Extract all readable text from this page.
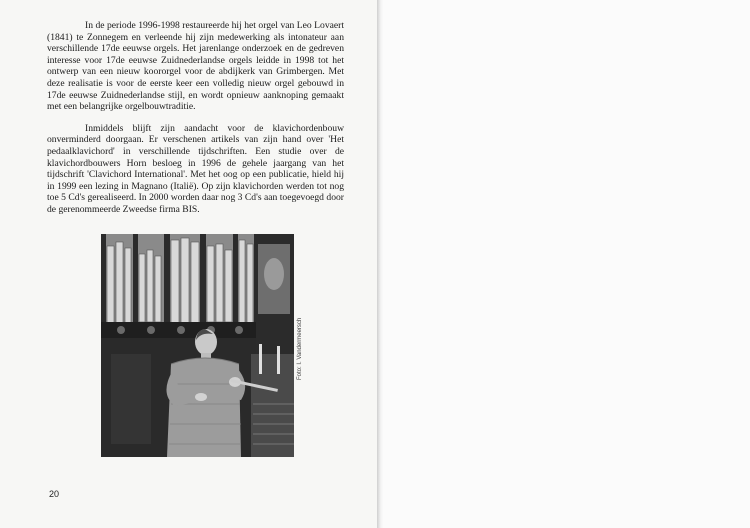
In de periode 1996-1998 restaureerde hij het orgel van Leo Lovaert (1841) te Zonnegem en verleende hij zijn medewerking als intonateur aan verschillende 17de eeuwse orgels. Het jarenlange onderzoek en de gedreven interesse voor 17de eeuwse Zuidnederlandse orgels leidde in 1998 tot het ontwerp van een nieuw koororgel voor de abdijkerk van Grimbergen. Met deze realisatie is voor de eerste keer een volledig nieuw orgel gebouwd in 17de eeuwse Zuidnederlandse stijl, en wordt opnieuw aanknoping gemaakt met een belangrijke orgelbouwtraditie.

Inmiddels blijft zijn aandacht voor de klavichordenbouw onverminderd doorgaan. Er verschenen artikels van zijn hand over 'Het pedaalklavichord' in verschillende tijdschriften. Een studie over de klavichordbouwers Horn besloeg in 1996 de gehele jaargang van het tijdschrift 'Clavichord International'. Met het oog op een publicatie, hield hij in 1999 een lezing in Magnano (Italië). Op zijn klavichorden werden tot nog toe 5 Cd's gerealiseerd. In 2000 worden daar nog 3 Cd's aan toegevoegd door de gerenommeerde Zweedse firma BIS.

Foto: I. Vandermeersch
20
